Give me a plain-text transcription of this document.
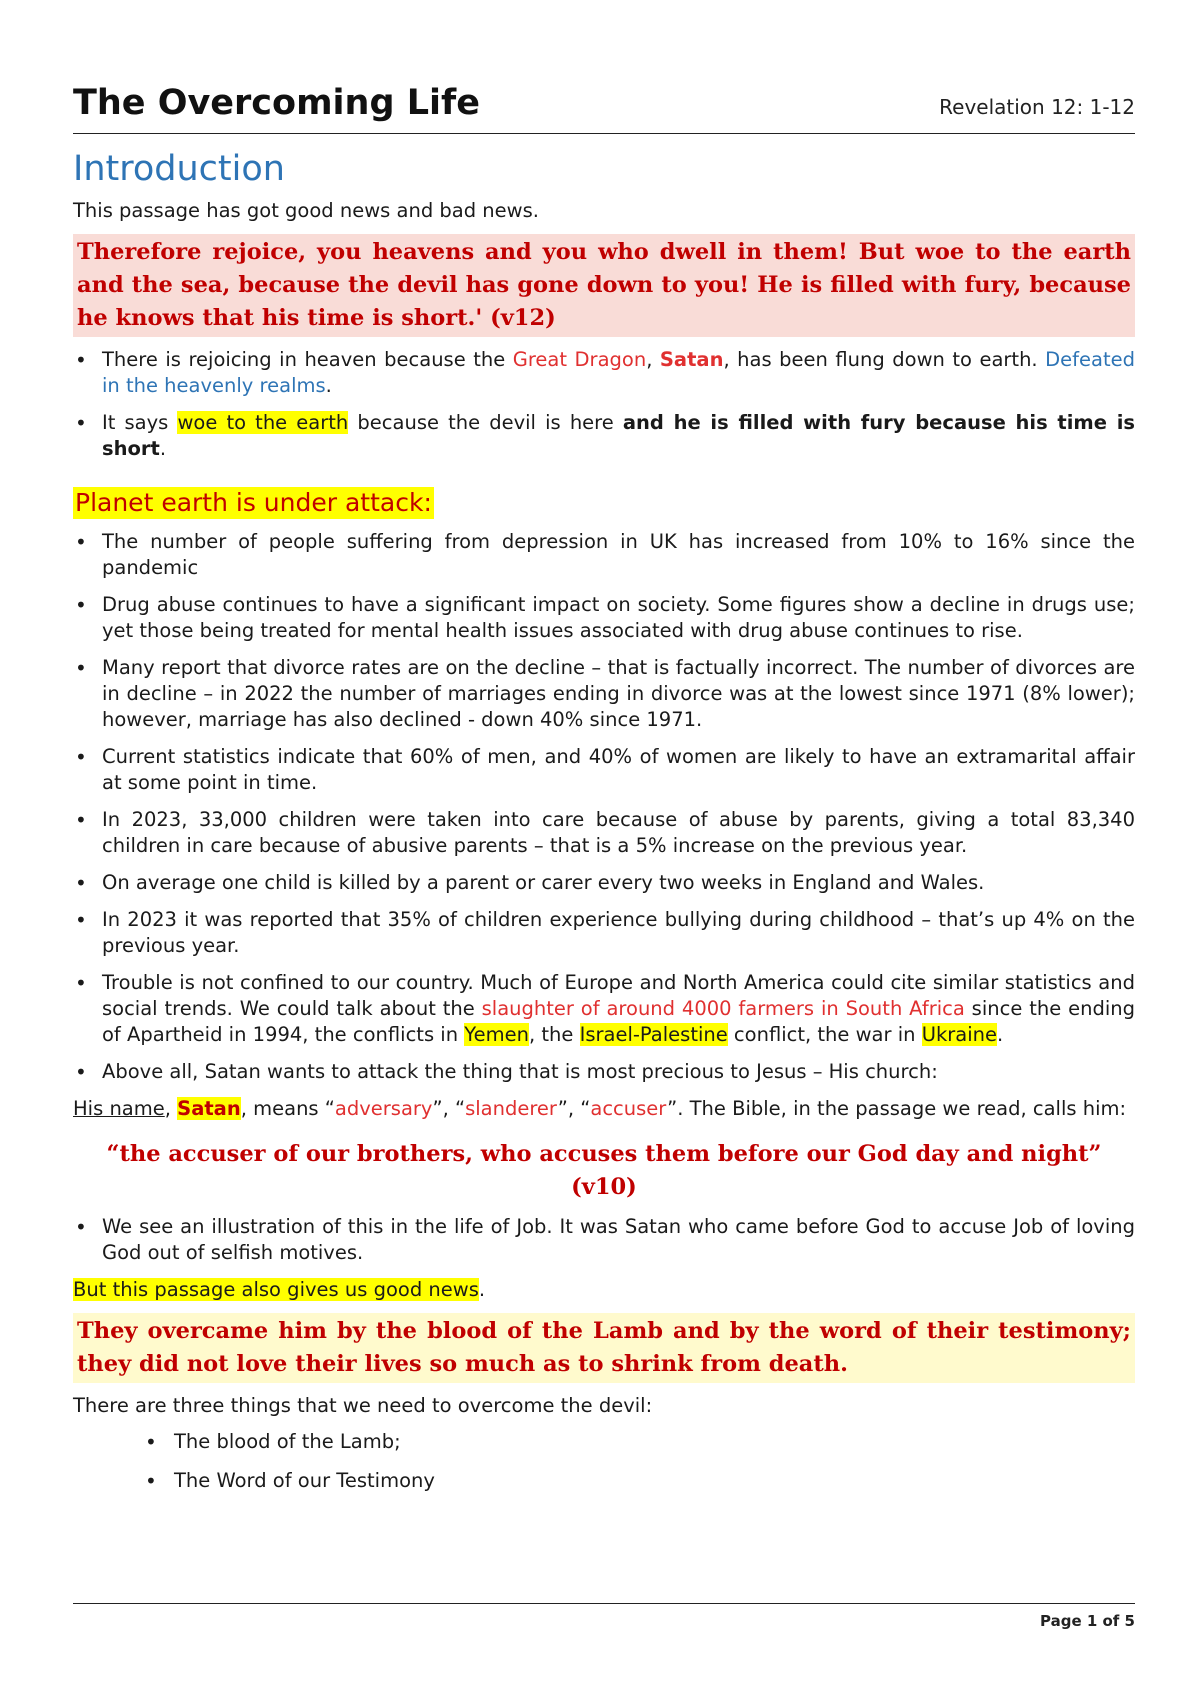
The Overcoming Life	Revelation 12: 1-12
Introduction

This passage has got good news and bad news.

Therefore rejoice, you heavens and you who dwell in them! But woe to the earth and the sea, because the devil has gone down to you! He is filled with fury, because he knows that his time is short.' (v12)
• There is rejoicing in heaven because the Great Dragon, Satan, has been flung down to earth. Defeated in the heavenly realms.
• It says woe to the earth because the devil is here and he is filled with fury because his time is short.
Planet earth is under attack:
• The number of people suffering from depression in UK has increased from 10% to 16% since the pandemic
• Drug abuse continues to have a significant impact on society. Some figures show a decline in drugs use; yet those being treated for mental health issues associated with drug abuse continues to rise.
• Many report that divorce rates are on the decline – that is factually incorrect. The number of divorces are in decline – in 2022 the number of marriages ending in divorce was at the lowest since 1971 (8% lower); however, marriage has also declined - down 40% since 1971.
• Current statistics indicate that 60% of men, and 40% of women are likely to have an extramarital affair at some point in time.
• In 2023, 33,000 children were taken into care because of abuse by parents, giving a total 83,340 children in care because of abusive parents – that is a 5% increase on the previous year.
• On average one child is killed by a parent or carer every two weeks in England and Wales.
• In 2023 it was reported that 35% of children experience bullying during childhood – that’s up 4% on the previous year.
• Trouble is not confined to our country. Much of Europe and North America could cite similar statistics and social trends. We could talk about the slaughter of around 4000 farmers in South Africa since the ending of Apartheid in 1994, the conflicts in Yemen, the Israel-Palestine conflict, the war in Ukraine.
• Above all, Satan wants to attack the thing that is most precious to Jesus – His church:

His name, Satan, means “adversary”, “slanderer”, “accuser”. The Bible, in the passage we read, calls him:

“the accuser of our brothers, who accuses them before our God day and night” (v10)
• We see an illustration of this in the life of Job. It was Satan who came before God to accuse Job of loving God out of selfish motives.

But this passage also gives us good news.

They overcame him by the blood of the Lamb and by the word of their testimony; they did not love their lives so much as to shrink from death.

There are three things that we need to overcome the devil:

• The blood of the Lamb;
• The Word of our Testimony
Page 1 of 5
